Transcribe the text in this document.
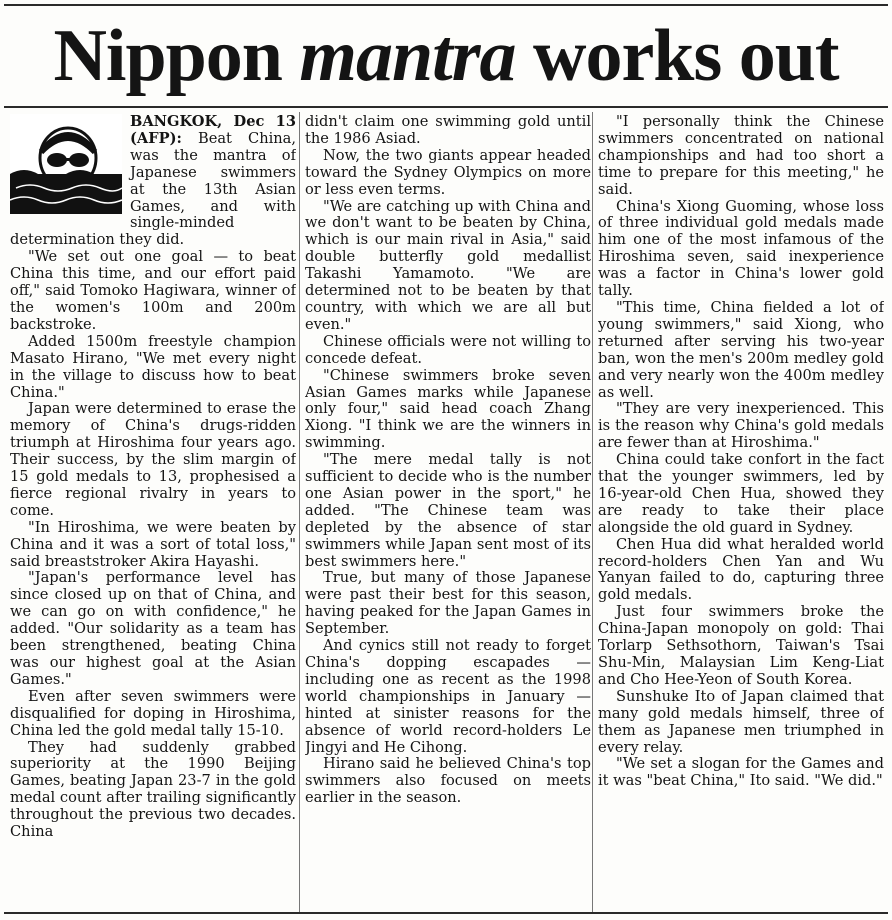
Nippon mantra works out

BANGKOK, Dec 13 (AFP): Beat China, was the mantra of Japanese swimmers at the 13th Asian Games, and with single-minded determination they did.

"We set out one goal — to beat China this time, and our effort paid off," said Tomoko Hagiwara, winner of the women's 100m and 200m backstroke.

Added 1500m freestyle champion Masato Hirano, "We met every night in the village to discuss how to beat China."

Japan were determined to erase the memory of China's drugs-ridden triumph at Hiroshima four years ago. Their success, by the slim margin of 15 gold medals to 13, prophesised a fierce regional rivalry in years to come.

"In Hiroshima, we were beaten by China and it was a sort of total loss," said breaststroker Akira Hayashi.

"Japan's performance level has since closed up on that of China, and we can go on with confidence," he added. "Our solidarity as a team has been strengthened, beating China was our highest goal at the Asian Games."

Even after seven swimmers were disqualified for doping in Hiroshima, China led the gold medal tally 15-10.

They had suddenly grabbed superiority at the 1990 Beijing Games, beating Japan 23-7 in the gold medal count after trailing significantly throughout the previous two decades. China

didn't claim one swimming gold until the 1986 Asiad.

Now, the two giants appear headed toward the Sydney Olympics on more or less even terms.

"We are catching up with China and we don't want to be beaten by China, which is our main rival in Asia," said double butterfly gold medallist Takashi Yamamoto. "We are determined not to be beaten by that country, with which we are all but even."

Chinese officials were not willing to concede defeat.

"Chinese swimmers broke seven Asian Games marks while Japanese only four," said head coach Zhang Xiong. "I think we are the winners in swimming.

"The mere medal tally is not sufficient to decide who is the number one Asian power in the sport," he added. "The Chinese team was depleted by the absence of star swimmers while Japan sent most of its best swimmers here."

True, but many of those Japanese were past their best for this season, having peaked for the Japan Games in September.

And cynics still not ready to forget China's dopping escapades — including one as recent as the 1998 world championships in January — hinted at sinister reasons for the absence of world record-holders Le Jingyi and He Cihong.

Hirano said he believed China's top swimmers also focused on meets earlier in the season.

"I personally think the Chinese swimmers concentrated on national championships and had too short a time to prepare for this meeting," he said.

China's Xiong Guoming, whose loss of three individual gold medals made him one of the most infamous of the Hiroshima seven, said inexperience was a factor in China's lower gold tally.

"This time, China fielded a lot of young swimmers," said Xiong, who returned after serving his two-year ban, won the men's 200m medley gold and very nearly won the 400m medley as well.

"They are very inexperienced. This is the reason why China's gold medals are fewer than at Hiroshima."

China could take confort in the fact that the younger swimmers, led by 16-year-old Chen Hua, showed they are ready to take their place alongside the old guard in Sydney.

Chen Hua did what heralded world record-holders Chen Yan and Wu Yanyan failed to do, capturing three gold medals.

Just four swimmers broke the China-Japan monopoly on gold: Thai Torlarp Sethsothorn, Taiwan's Tsai Shu-Min, Malaysian Lim Keng-Liat and Cho Hee-Yeon of South Korea.

Sunshuke Ito of Japan claimed that many gold medals himself, three of them as Japanese men triumphed in every relay.

"We set a slogan for the Games and it was "beat China," Ito said. "We did."
